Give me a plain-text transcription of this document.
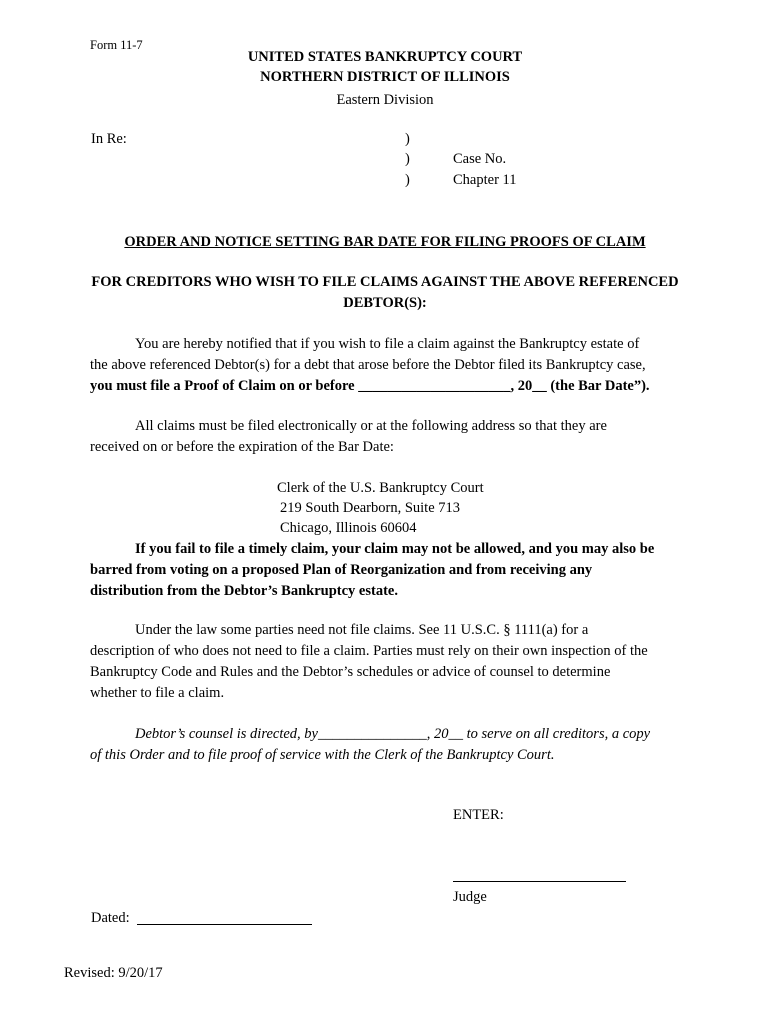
Form 11-7
UNITED STATES BANKRUPTCY COURT
NORTHERN DISTRICT OF ILLINOIS
Eastern Division
In Re:	)
)
)
Case No.
Chapter 11
ORDER AND NOTICE SETTING BAR DATE FOR FILING PROOFS OF CLAIM
FOR CREDITORS WHO WISH TO FILE CLAIMS AGAINST THE ABOVE REFERENCED
DEBTOR(S):
You are hereby notified that if you wish to file a claim against the Bankruptcy estate of
the above referenced Debtor(s) for a debt that arose before the Debtor filed its Bankruptcy case,
you must file a Proof of Claim on or before _____________________, 20__ (the Bar Date”).
All claims must be filed electronically or at the following address so that they are
received on or before the expiration of the Bar Date:
Clerk of the U.S. Bankruptcy Court
219 South Dearborn, Suite 713
Chicago, Illinois 60604
If you fail to file a timely claim, your claim may not be allowed, and you may also be
barred from voting on a proposed Plan of Reorganization and from receiving any
distribution from the Debtor’s Bankruptcy estate.
Under the law some parties need not file claims. See 11 U.S.C. § 1111(a) for a
description of who does not need to file a claim. Parties must rely on their own inspection of the
Bankruptcy Code and Rules and the Debtor’s schedules or advice of counsel to determine
whether to file a claim.
Debtor’s counsel is directed, by_______________, 20__ to serve on all creditors, a copy
of this Order and to file proof of service with the Clerk of the Bankruptcy Court.
ENTER:
Judge
Dated:
Revised: 9/20/17
